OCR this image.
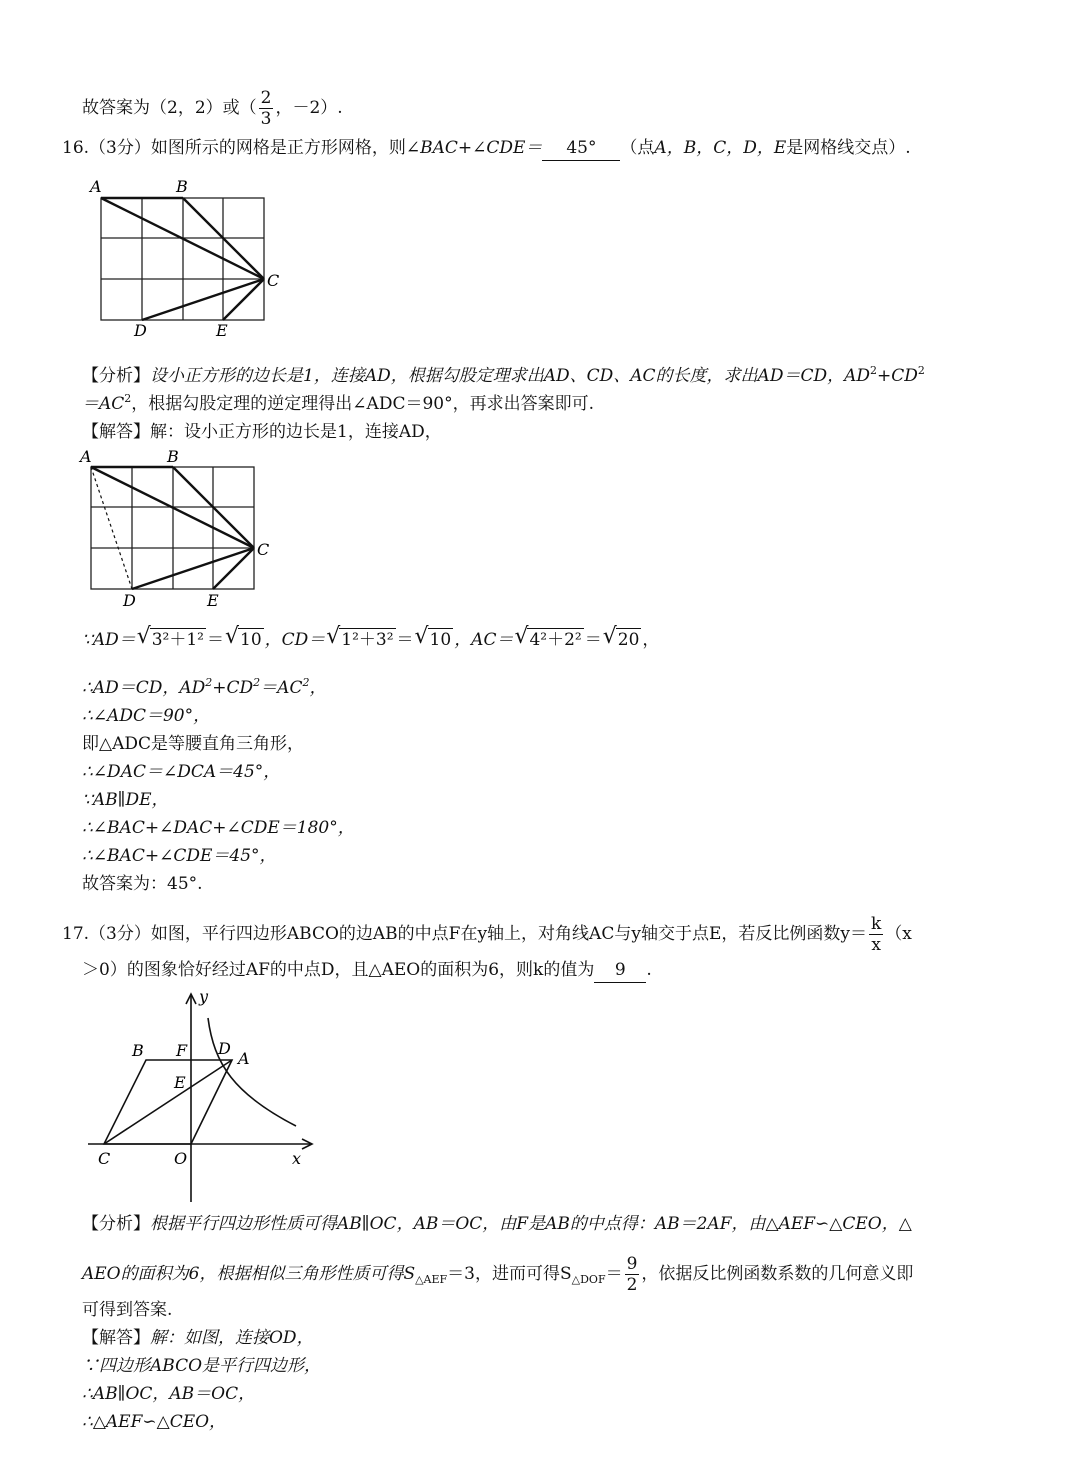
故答案为（2，2）或（ $\frac{2}{3}$ ，－2）.
16.（3分）如图所示的网格是正方形网格，则∠BAC+∠CDE＝ 45° （点A，B，C，D，E是网格线交点）.
A	B
C
D	E
【分析】设小正方形的边长是1，连接AD，根据勾股定理求出AD、CD、AC的长度，求出AD＝CD，$AD^2+CD^2$
$=AC^2$，根据勾股定理的逆定理得出∠ADC＝90°，再求出答案即可.
【解答】解：设小正方形的边长是1，连接AD，
A	B
C
D	E
∵AD＝ √ 3²＋1² ＝ √ 10 ，CD＝ √ 1²＋3² ＝ √ 10 ，AC＝ √ 4²＋2² ＝ √ 20 ，
∴AD＝CD，$AD^2+CD^2=AC^2$，
∴∠ADC＝90°，
即△ADC是等腰直角三角形，
∴∠DAC＝∠DCA＝45°，
∵AB∥DE，
∴∠BAC+∠DAC+∠CDE＝180°，
∴∠BAC+∠CDE＝45°，
故答案为：45°.
17.（3分）如图，平行四边形ABCO的边AB的中点F在y轴上，对角线AC与y轴交于点E，若反比例函数$y= \frac{k}{x} (x$
＞0）的图象恰好经过AF的中点D，且△AEO的面积为6，则k的值为 9 .
y
x
B F D
A
E
C	O
【分析】根据平行四边形性质可得AB∥OC，AB＝OC，由F是AB的中点得：AB＝2AF，由△AEF∽△CEO，△
AEO的面积为6，根据相似三角形性质可得$S_{\triangle AEF}=3$，进而可得$S_{\triangle DOF}= \frac{9}{2}$ ，依据反比例函数系数的几何意义即
可得到答案.
【解答】解：如图，连接OD，
∵四边形ABCO是平行四边形，
∴AB∥OC，AB＝OC，
∴△AEF∽△CEO，
